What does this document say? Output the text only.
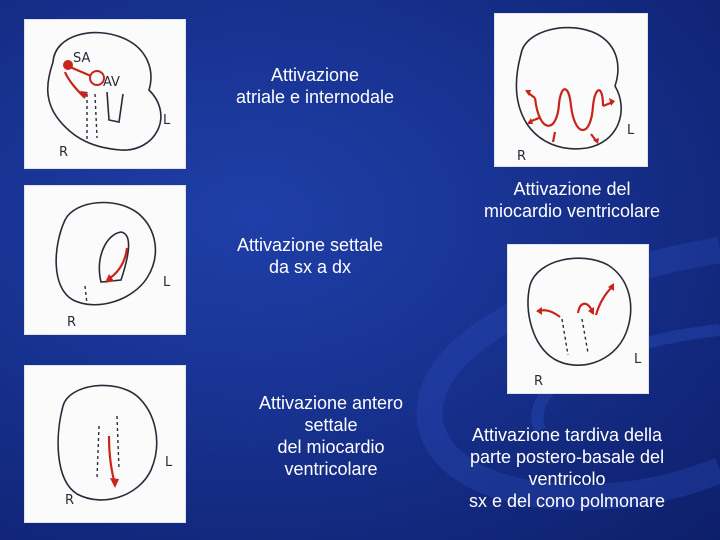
SA
AV
L
R
L
R
L
R
L
R
L
R
Attivazione
atriale e internodale
Attivazione settale
da sx a dx
Attivazione antero
settale
del miocardio
ventricolare
Attivazione del
miocardio ventricolare
Attivazione tardiva della
parte postero-basale del
ventricolo
sx e del cono polmonare
